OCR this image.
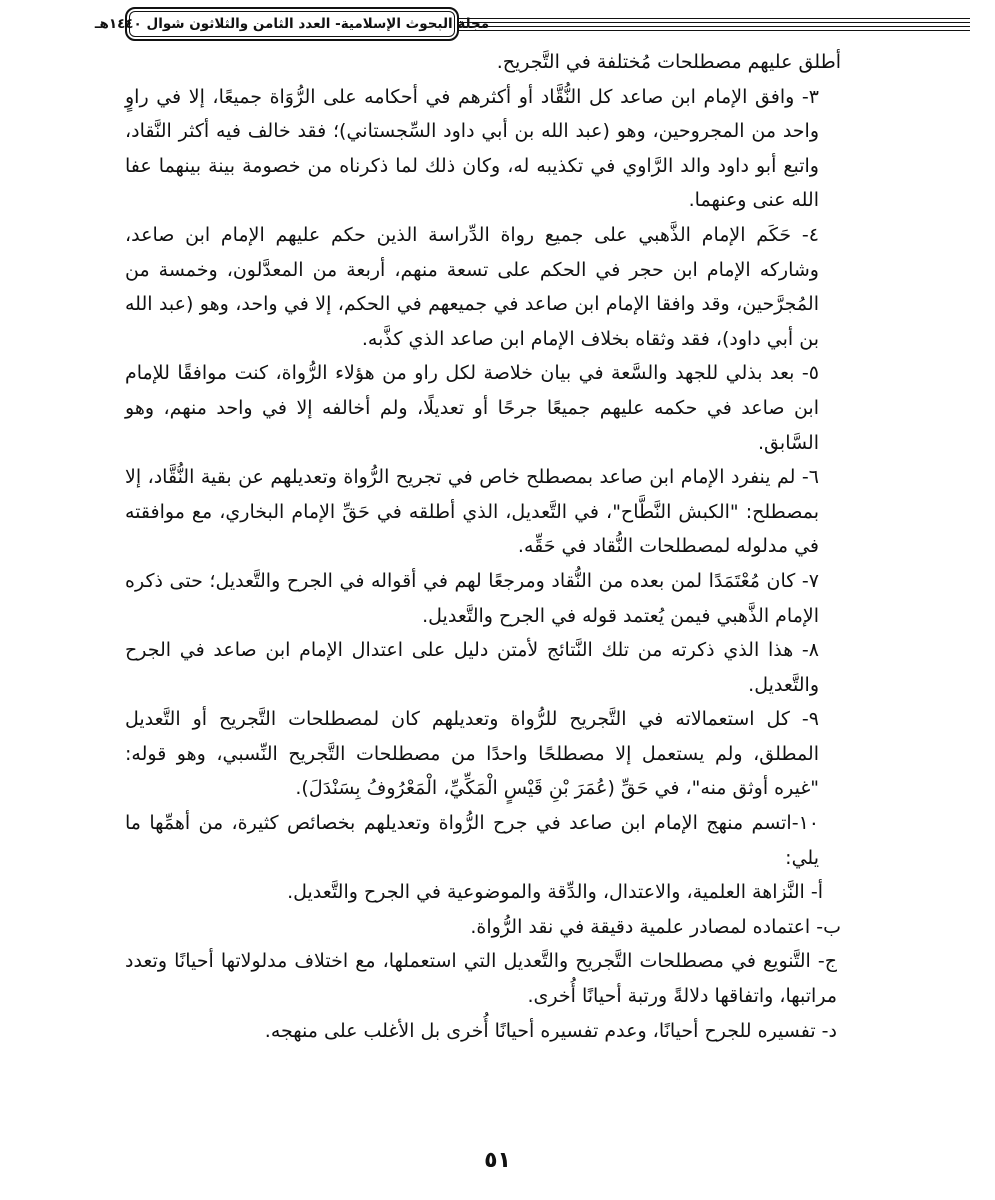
مجلة البحوث الإسلامية- العدد الثامن والثلاثون شوال ١٤٤٠هـ

أطلق عليهم مصطلحات مُختلفة في التَّجريح.

٣- وافق الإمام ابن صاعد كل النُّقَّاد أو أكثرهم في أحكامه على الرُّوَاة جميعًا، إلا في راوٍ واحد من المجروحين، وهو (عبد الله بن أبي داود السِّجستاني)؛ فقد خالف فيه أكثر النَّقاد، واتبع أبو داود والد الرَّاوي في تكذيبه له، وكان ذلك لما ذكرناه من خصومة بينة بينهما عفا الله عنى وعنهما.

٤- حَكَم الإمام الذَّهبي على جميع رواة الدِّراسة الذين حكم عليهم الإمام ابن صاعد، وشاركه الإمام ابن حجر في الحكم على تسعة منهم، أربعة من المعدَّلون، وخمسة من المُجرَّحين، وقد وافقا الإمام ابن صاعد في جميعهم في الحكم، إلا في واحد، وهو (عبد الله بن أبي داود)، فقد وثقاه بخلاف الإمام ابن صاعد الذي كذَّبه.

٥- بعد بذلي للجهد والسَّعة في بيان خلاصة لكل راو من هؤلاء الرُّواة، كنت موافقًا للإمام ابن صاعد في حكمه عليهم جميعًا جرحًا أو تعديلًا، ولم أخالفه إلا في واحد منهم، وهو السَّابق.

٦- لم ينفرد الإمام ابن صاعد بمصطلح خاص في تجريح الرُّواة وتعديلهم عن بقية النُّقَّاد، إلا بمصطلح: "الكبش النَّطَّاح"، في التَّعديل، الذي أطلقه في حَقِّ الإمام البخاري، مع موافقته في مدلوله لمصطلحات النُّقاد في حَقِّه.

٧- كان مُعْتَمَدًا لمن بعده من النُّقاد ومرجعًا لهم في أقواله في الجرح والتَّعديل؛ حتى ذكره الإمام الذَّهبي فيمن يُعتمد قوله في الجرح والتَّعديل.

٨- هذا الذي ذكرته من تلك النَّتائج لأمتن دليل على اعتدال الإمام ابن صاعد في الجرح والتَّعديل.

٩- كل استعمالاته في التَّجريح للرُّواة وتعديلهم كان لمصطلحات التَّجريح أو التَّعديل المطلق، ولم يستعمل إلا مصطلحًا واحدًا من مصطلحات التَّجريح النِّسبي، وهو قوله: "غيره أوثق منه"، في حَقِّ (عُمَرَ بْنِ قَيْسٍ الْمَكِّيِّ، الْمَعْرُوفُ بِسَنْدَلَ).

١٠-اتسم منهج الإمام ابن صاعد في جرح الرُّواة وتعديلهم بخصائص كثيرة، من أهمِّها ما يلي:

أ- النَّزاهة العلمية، والاعتدال، والدِّقة والموضوعية في الجرح والتَّعديل.

ب- اعتماده لمصادر علمية دقيقة في نقد الرُّواة.

ج- التَّنويع في مصطلحات التَّجريح والتَّعديل التي استعملها، مع اختلاف مدلولاتها أحيانًا وتعدد مراتبها، واتفاقها دلالةً ورتبة أحيانًا أُخرى.

د- تفسيره للجرح أحيانًا، وعدم تفسيره أحيانًا أُخرى بل الأغلب على منهجه.

٥١
